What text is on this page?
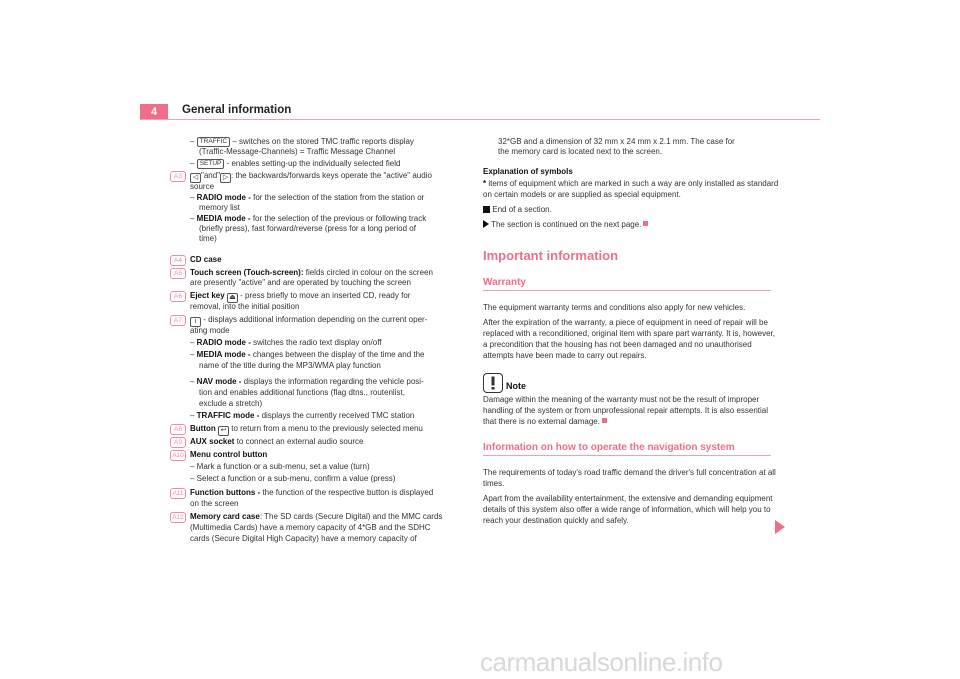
4	General information
– TRAFFIC – switches on the stored TMC traffic reports display
(Traffic-Message-Channels) = Traffic Message Channel
– SETUP - enables setting-up the individually selected field
A3	◁ "and" ▷ : the backwards/forwards keys operate the "active" audio
source
– RADIO mode - for the selection of the station from the station or
memory list
– MEDIA mode - for the selection of the previous or following track
(briefly press), fast forward/reverse (press for a long period of
time)
A4	CD case
A5	Touch screen (Touch-screen): fields circled in colour on the screen
are presently "active" and are operated by touching the screen
A6	Eject key ⏏ - press briefly to move an inserted CD, ready for
removal, into the initial position
A7	i - displays additional information depending on the current oper-
ating mode
– RADIO mode - switches the radio text display on/off
– MEDIA mode - changes between the display of the time and the
name of the title during the MP3/WMA play function
– NAV mode - displays the information regarding the vehicle posi-
tion and enables additional functions (flag dtns., routenlist,
exclude a stretch)
– TRAFFIC mode - displays the currently received TMC station
A8	Button ↩ to return from a menu to the previously selected menu
A9	AUX socket to connect an external audio source
A10 Menu control button
– Mark a function or a sub-menu, set a value (turn)
– Select a function or a sub-menu, confirm a value (press)
A11 Function buttons - the function of the respective button is displayed
on the screen
A12 Memory card case: The SD cards (Secure Digital) and the MMC cards
(Multimedia Cards) have a memory capacity of 4*GB and the SDHC
cards (Secure Digital High Capacity) have a memory capacity of
32*GB and a dimension of 32 mm x 24 mm x 2.1 mm. The case for
the memory card is located next to the screen.
Explanation of symbols
* items of equipment which are marked in such a way are only installed as standard
on certain models or are supplied as special equipment.
End of a section.
The section is continued on the next page.
Important information
Warranty
The equipment warranty terms and conditions also apply for new vehicles.
After the expiration of the warranty, a piece of equipment in need of repair will be
replaced with a reconditioned, original item with spare part warranty. It is, however,
a precondition that the housing has not been damaged and no unauthorised
attempts have been made to carry out repairs.
Note
Damage within the meaning of the warranty must not be the result of improper
handling of the system or from unprofessional repair attempts. It is also essential
that there is no external damage.
Information on how to operate the navigation system
The requirements of today's road traffic demand the driver's full concentration at all
times.
Apart from the availability entertainment, the extensive and demanding equipment
details of this system also offer a wide range of information, which will help you to
reach your destination quickly and safely.
carmanualsonline.info
